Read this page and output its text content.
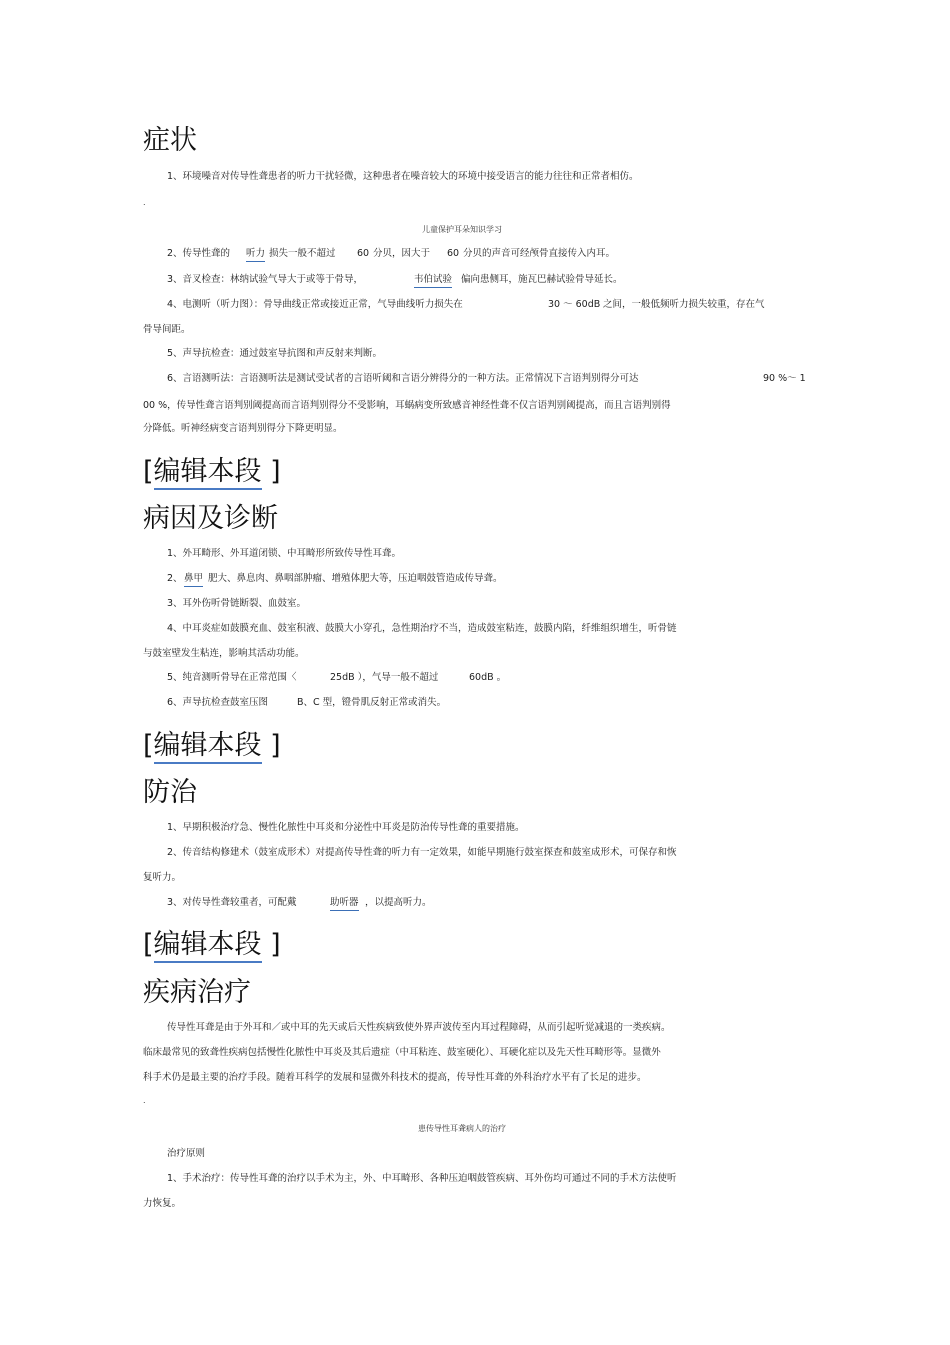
症状
1、环境噪音对传导性聋患者的听力干扰轻微，这种患者在噪音较大的环境中接受语言的能力往往和正常者相仿。
.
儿童保护耳朵知识学习
2、传导性聋的 听力 损失一般不超过 60 分贝，因大于 60 分贝的声音可经颅骨直接传入内耳。
3、音叉检查：林纳试验气导大于或等于骨导，	韦伯试验 偏向患侧耳，施瓦巴赫试验骨导延长。
4、电测听（听力图）：骨导曲线正常或接近正常，气导曲线听力损失在	30 ～ 60dB 之间，一般低频听力损失较重，存在气
骨导间距。
5、声导抗检查：通过鼓室导抗图和声反射来判断。
6、言语测听法：言语测听法是测试受试者的言语听阈和言语分辨得分的一种方法。正常情况下言语判别得分可达	90 %～ 1
00 %，传导性聋言语判别阈提高而言语判别得分不受影响，耳蜗病变所致感音神经性聋不仅言语判别阈提高，而且言语判别得
分降低。听神经病变言语判别得分下降更明显。
[编辑本段 ]
病因及诊断
1、外耳畸形、外耳道闭锁、中耳畸形所致传导性耳聋。
2、 鼻甲 肥大、鼻息肉、鼻咽部肿瘤、增殖体肥大等，压迫咽鼓管造成传导聋。
3、耳外伤听骨链断裂、血鼓室。
4、中耳炎症如鼓膜充血、鼓室积液、鼓膜大小穿孔，急性期治疗不当，造成鼓室粘连，鼓膜内陷，纤维组织增生，听骨链
与鼓室壁发生粘连，影响其活动功能。
5、纯音测听骨导在正常范围〈	25dB ），气导一般不超过	60dB 。
6、声导抗检查鼓室压图	B、C 型，镫骨肌反射正常或消失。
[编辑本段 ]
防治
1、早期积极治疗急、慢性化脓性中耳炎和分泌性中耳炎是防治传导性聋的重要措施。
2、传音结构修建术（鼓室成形术）对提高传导性聋的听力有一定效果，如能早期施行鼓室探查和鼓室成形术，可保存和恢
复听力。
3、对传导性聋较重者，可配戴	助听器 ，以提高听力。
[编辑本段 ]
疾病治疗
传导性耳聋是由于外耳和／或中耳的先天或后天性疾病致使外界声波传至内耳过程障碍，从而引起听觉减退的一类疾病。
临床最常见的致聋性疾病包括慢性化脓性中耳炎及其后遗症（中耳粘连、鼓室硬化）、耳硬化症以及先天性耳畸形等。显微外
科手术仍是最主要的治疗手段。随着耳科学的发展和显微外科技术的提高，传导性耳聋的外科治疗水平有了长足的进步。
.
患传导性耳聋病人的治疗
治疗原则
1、手术治疗：传导性耳聋的治疗以手术为主，外、中耳畸形、各种压迫咽鼓管疾病、耳外伤均可通过不同的手术方法使听
力恢复。
